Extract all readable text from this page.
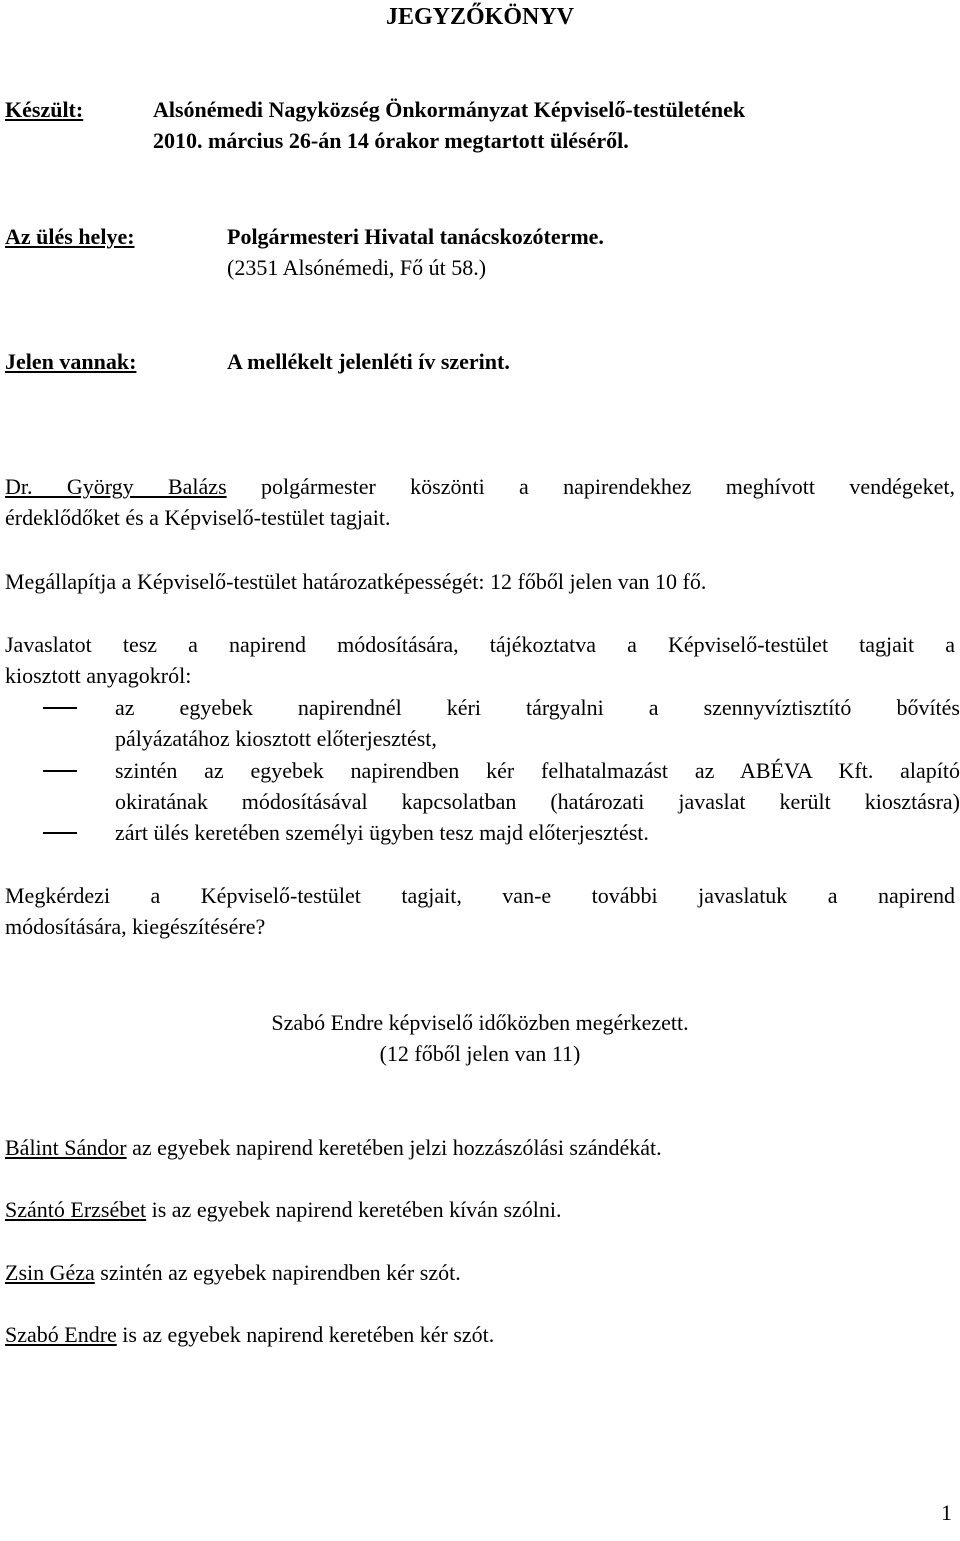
JEGYZŐKÖNYV
Készült:	Alsónémedi Nagyközség Önkormányzat Képviselő-testületének
2010. március 26-án 14 órakor megtartott üléséről.
Az ülés helye:	Polgármesteri Hivatal tanácskozóterme.
(2351 Alsónémedi, Fő út 58.)
Jelen vannak:	A mellékelt jelenléti ív szerint.
Dr. György Balázs polgármester köszönti a napirendekhez meghívott vendégeket,
érdeklődőket és a Képviselő-testület tagjait.
Megállapítja a Képviselő-testület határozatképességét: 12 főből jelen van 10 fő.
Javaslatot tesz a napirend módosítására, tájékoztatva a Képviselő-testület tagjait a
kiosztott anyagokról:
az egyebek napirendnél kéri tárgyalni a szennyvíztisztító bővítés
pályázatához kiosztott előterjesztést,
szintén az egyebek napirendben kér felhatalmazást az ABÉVA Kft. alapító
okiratának módosításával kapcsolatban (határozati javaslat került kiosztásra)
zárt ülés keretében személyi ügyben tesz majd előterjesztést.
Megkérdezi a Képviselő-testület tagjait, van-e további javaslatuk a napirend
módosítására, kiegészítésére?
Szabó Endre képviselő időközben megérkezett.
(12 főből jelen van 11)
Bálint Sándor az egyebek napirend keretében jelzi hozzászólási szándékát.
Szántó Erzsébet is az egyebek napirend keretében kíván szólni.
Zsin Géza szintén az egyebek napirendben kér szót.
Szabó Endre is az egyebek napirend keretében kér szót.
1
